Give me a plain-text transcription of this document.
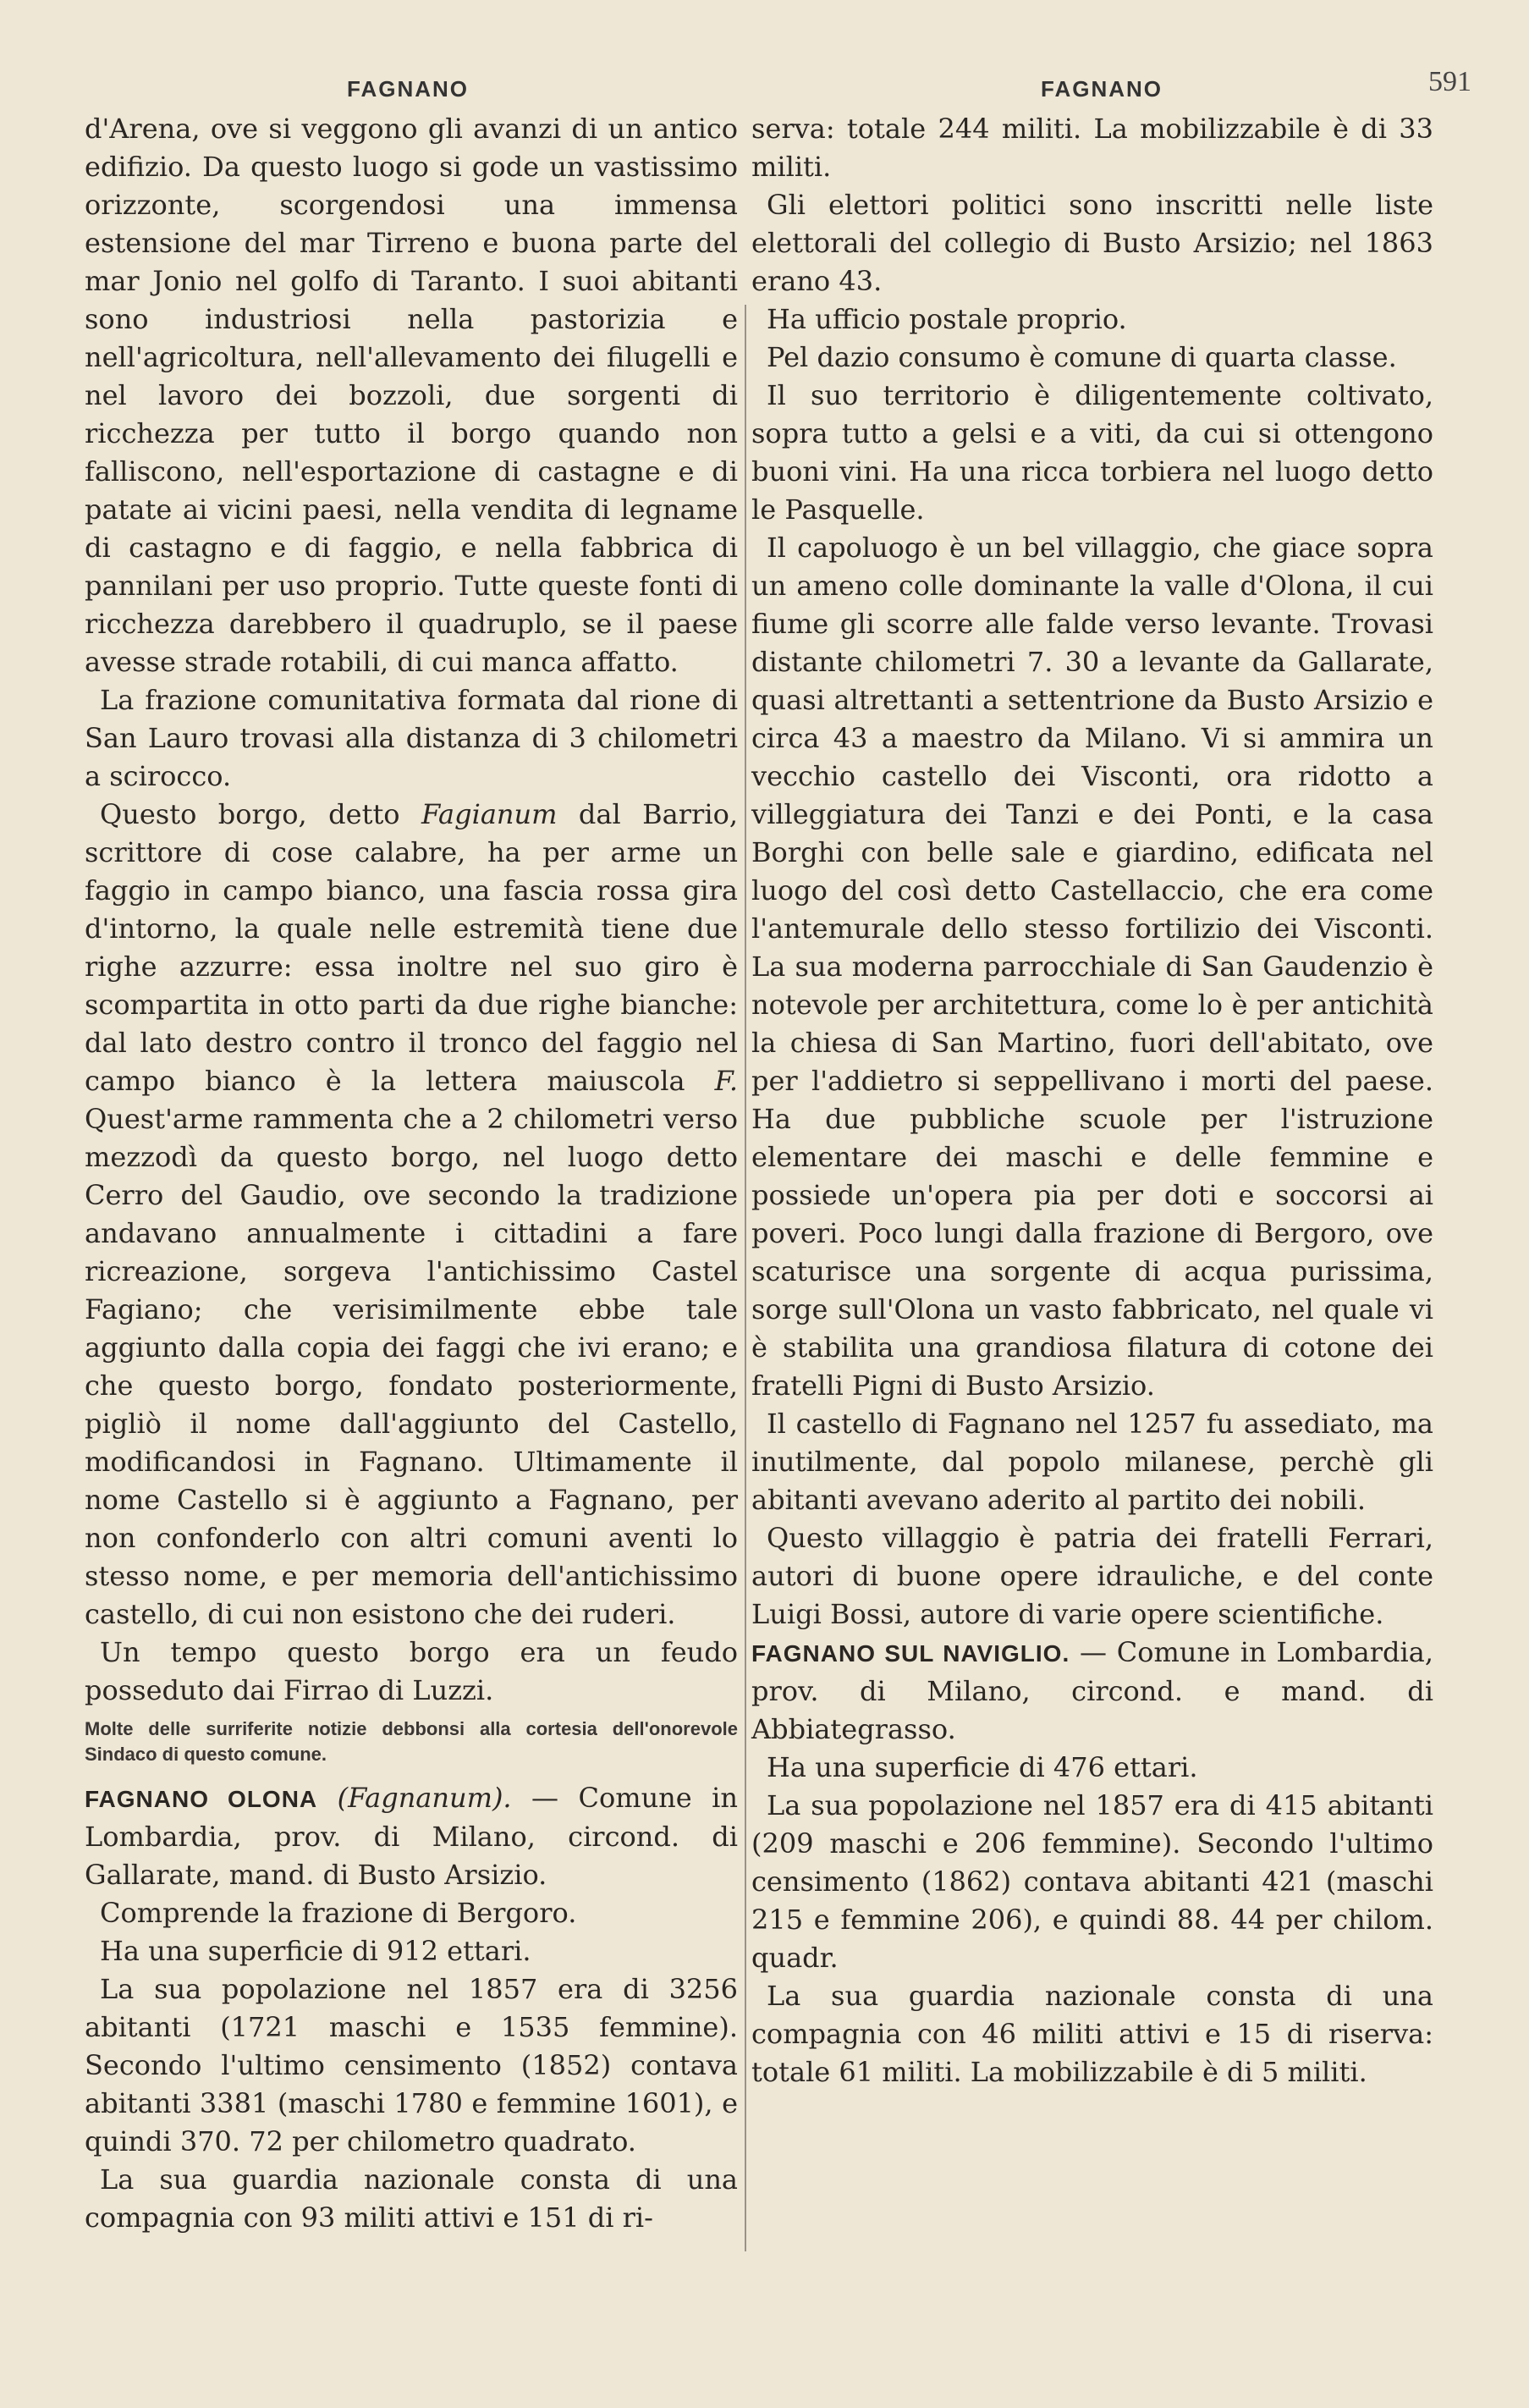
FAGNANO	FAGNANO	591

d'Arena, ove si veggono gli avanzi di un antico edifizio. Da questo luogo si gode un vastissimo orizzonte, scorgendosi una immensa estensione del mar Tirreno e buona parte del mar Jonio nel golfo di Taranto. I suoi abitanti sono industriosi nella pastorizia e nell'agricoltura, nell'allevamento dei filugelli e nel lavoro dei bozzoli, due sorgenti di ricchezza per tutto il borgo quando non falliscono, nell'esportazione di castagne e di patate ai vicini paesi, nella vendita di legname di castagno e di faggio, e nella fabbrica di pannilani per uso proprio. Tutte queste fonti di ricchezza darebbero il quadruplo, se il paese avesse strade rotabili, di cui manca affatto.

La frazione comunitativa formata dal rione di San Lauro trovasi alla distanza di 3 chilometri a scirocco.

Questo borgo, detto Fagianum dal Barrio, scrittore di cose calabre, ha per arme un faggio in campo bianco, una fascia rossa gira d'intorno, la quale nelle estremità tiene due righe azzurre: essa inoltre nel suo giro è scompartita in otto parti da due righe bianche: dal lato destro contro il tronco del faggio nel campo bianco è la lettera maiuscola F. Quest'arme rammenta che a 2 chilometri verso mezzodì da questo borgo, nel luogo detto Cerro del Gaudio, ove secondo la tradizione andavano annualmente i cittadini a fare ricreazione, sorgeva l'antichissimo Castel Fagiano; che verisimilmente ebbe tale aggiunto dalla copia dei faggi che ivi erano; e che questo borgo, fondato posteriormente, pigliò il nome dall'aggiunto del Castello, modificandosi in Fagnano. Ultimamente il nome Castello si è aggiunto a Fagnano, per non confonderlo con altri comuni aventi lo stesso nome, e per memoria dell'antichissimo castello, di cui non esistono che dei ruderi.

Un tempo questo borgo era un feudo posseduto dai Firrao di Luzzi.

Molte delle surriferite notizie debbonsi alla cortesia dell'onorevole Sindaco di questo comune.

FAGNANO OLONA (Fagnanum). — Comune in Lombardia, prov. di Milano, circond. di Gallarate, mand. di Busto Arsizio.

Comprende la frazione di Bergoro.

Ha una superficie di 912 ettari.

La sua popolazione nel 1857 era di 3256 abitanti (1721 maschi e 1535 femmine). Secondo l'ultimo censimento (1852) contava abitanti 3381 (maschi 1780 e femmine 1601), e quindi 370. 72 per chilometro quadrato.

La sua guardia nazionale consta di una compagnia con 93 militi attivi e 151 di ri-

serva: totale 244 militi. La mobilizzabile è di 33 militi.

Gli elettori politici sono inscritti nelle liste elettorali del collegio di Busto Arsizio; nel 1863 erano 43.

Ha ufficio postale proprio.

Pel dazio consumo è comune di quarta classe.

Il suo territorio è diligentemente coltivato, sopra tutto a gelsi e a viti, da cui si ottengono buoni vini. Ha una ricca torbiera nel luogo detto le Pasquelle.

Il capoluogo è un bel villaggio, che giace sopra un ameno colle dominante la valle d'Olona, il cui fiume gli scorre alle falde verso levante. Trovasi distante chilometri 7. 30 a levante da Gallarate, quasi altrettanti a settentrione da Busto Arsizio e circa 43 a maestro da Milano. Vi si ammira un vecchio castello dei Visconti, ora ridotto a villeggiatura dei Tanzi e dei Ponti, e la casa Borghi con belle sale e giardino, edificata nel luogo del così detto Castellaccio, che era come l'antemurale dello stesso fortilizio dei Visconti. La sua moderna parrocchiale di San Gaudenzio è notevole per architettura, come lo è per antichità la chiesa di San Martino, fuori dell'abitato, ove per l'addietro si seppellivano i morti del paese. Ha due pubbliche scuole per l'istruzione elementare dei maschi e delle femmine e possiede un'opera pia per doti e soccorsi ai poveri. Poco lungi dalla frazione di Bergoro, ove scaturisce una sorgente di acqua purissima, sorge sull'Olona un vasto fabbricato, nel quale vi è stabilita una grandiosa filatura di cotone dei fratelli Pigni di Busto Arsizio.

Il castello di Fagnano nel 1257 fu assediato, ma inutilmente, dal popolo milanese, perchè gli abitanti avevano aderito al partito dei nobili.

Questo villaggio è patria dei fratelli Ferrari, autori di buone opere idrauliche, e del conte Luigi Bossi, autore di varie opere scientifiche.

FAGNANO SUL NAVIGLIO. — Comune in Lombardia, prov. di Milano, circond. e mand. di Abbiategrasso.

Ha una superficie di 476 ettari.

La sua popolazione nel 1857 era di 415 abitanti (209 maschi e 206 femmine). Secondo l'ultimo censimento (1862) contava abitanti 421 (maschi 215 e femmine 206), e quindi 88. 44 per chilom. quadr.

La sua guardia nazionale consta di una compagnia con 46 militi attivi e 15 di riserva: totale 61 militi. La mobilizzabile è di 5 militi.
